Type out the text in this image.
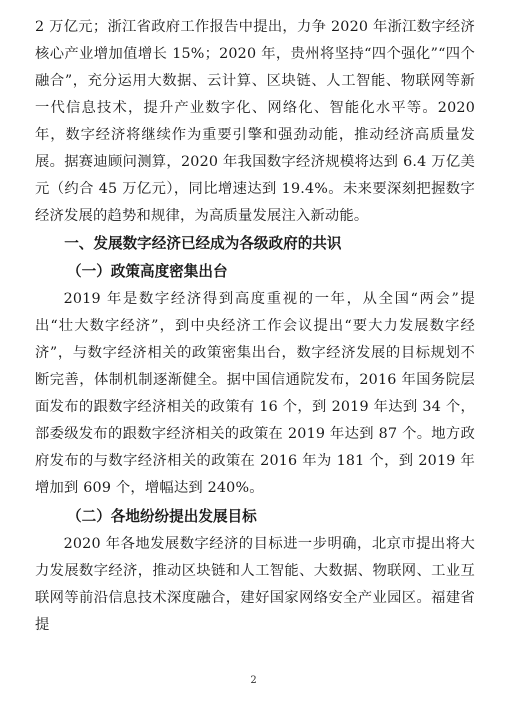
2 万亿元；浙江省政府工作报告中提出，力争 2020 年浙江数字经济核心产业增加值增长 15%；2020 年，贵州将坚持“四个强化”“四个融合”，充分运用大数据、云计算、区块链、人工智能、物联网等新一代信息技术，提升产业数字化、网络化、智能化水平等。2020 年，数字经济将继续作为重要引擎和强劲动能，推动经济高质量发展。据赛迪顾问测算，2020 年我国数字经济规模将达到 6.4 万亿美元（约合 45 万亿元），同比增速达到 19.4%。未来要深刻把握数字经济发展的趋势和规律，为高质量发展注入新动能。

一、发展数字经济已经成为各级政府的共识

（一）政策高度密集出台

2019 年是数字经济得到高度重视的一年，从全国“两会”提出“壮大数字经济”，到中央经济工作会议提出“要大力发展数字经济”，与数字经济相关的政策密集出台，数字经济发展的目标规划不断完善，体制机制逐渐健全。据中国信通院发布，2016 年国务院层面发布的跟数字经济相关的政策有 16 个，到 2019 年达到 34 个，部委级发布的跟数字经济相关的政策在 2019 年达到 87 个。地方政府发布的与数字经济相关的政策在 2016 年为 181 个，到 2019 年增加到 609 个，增幅达到 240%。

（二）各地纷纷提出发展目标

2020 年各地发展数字经济的目标进一步明确，北京市提出将大力发展数字经济，推动区块链和人工智能、大数据、物联网、工业互联网等前沿信息技术深度融合，建好国家网络安全产业园区。福建省提

2
